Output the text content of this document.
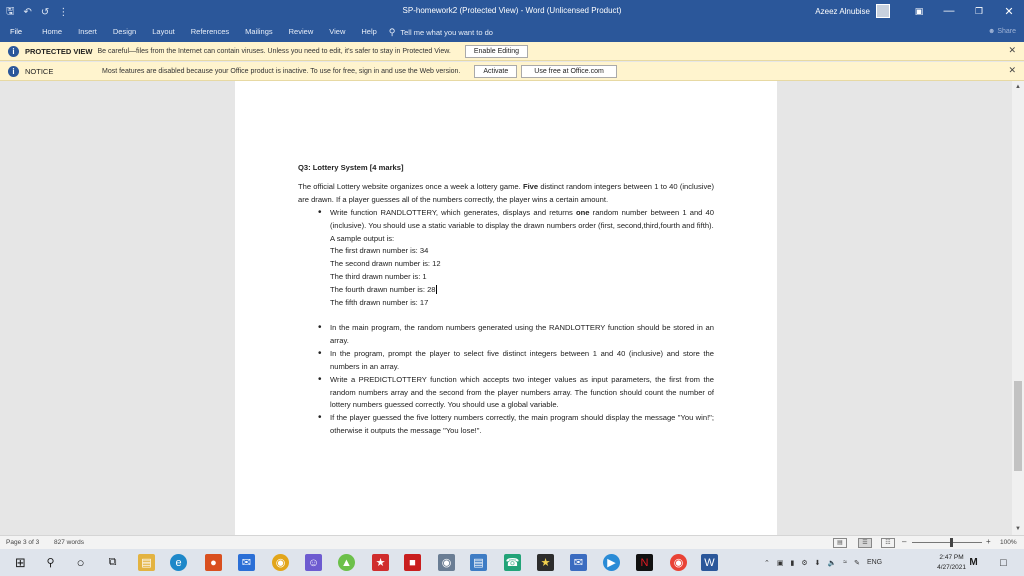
🖫 ↶ ↺ ⋮	SP-homework2 (Protected View) - Word (Unlicensed Product)	Azeez Alnubise	▣	—	❐	✕
File	Home	Insert	Design	Layout	References	Mailings	Review	View	Help	⚲ Tell me what you want to do	☻ Share
i	PROTECTED VIEW Be careful—files from the Internet can contain viruses. Unless you need to edit, it's safer to stay in Protected View.	Enable Editing	✕
i	NOTICE	Most features are disabled because your Office product is inactive. To use for free, sign in and use the Web version.	Activate	Use free at Office.com	✕
Q3: Lottery System [4 marks]
The official Lottery website organizes once a week a lottery game. Five distinct random integers between 1 to 40 (inclusive) are drawn. If a player guesses all of the numbers correctly, the player wins a certain amount.
• Write function RANDLOTTERY, which generates, displays and returns one random number between 1 and 40 (inclusive). You should use a static variable to display the drawn numbers order (first, second,third,fourth and fifth).
A sample output is:
The first drawn number is: 34
The second drawn number is: 12
The third drawn number is: 1
The fourth drawn number is: 28
The fifth drawn number is: 17
• In the main program, the random numbers generated using the RANDLOTTERY function should be stored in an array.
• In the program, prompt the player to select five distinct integers between 1 and 40 (inclusive) and store the numbers in an array.
• Write a PREDICTLOTTERY function which accepts two integer values as input parameters, the first from the random numbers array and the second from the player numbers array. The function should count the number of lottery numbers guessed correctly. You should use a global variable.
• If the player guessed the five lottery numbers correctly, the main program should display the message "You win!"; otherwise it outputs the message "You lose!".
▲
▼
Page 3 of 3 827 words	▤	☰	☷	–	+ 100%
⊞	⚲	○	⧉	▤	e	●	✉	◉	☺ ▲	★	■	◉	▤ ☎	★	✉	▶	N	◉	W	⌃ ▣ ▮ ⚙ ⬇ 🔈 ≈ ✎ ENG
2:47 PM
4/27/2021 M	□
